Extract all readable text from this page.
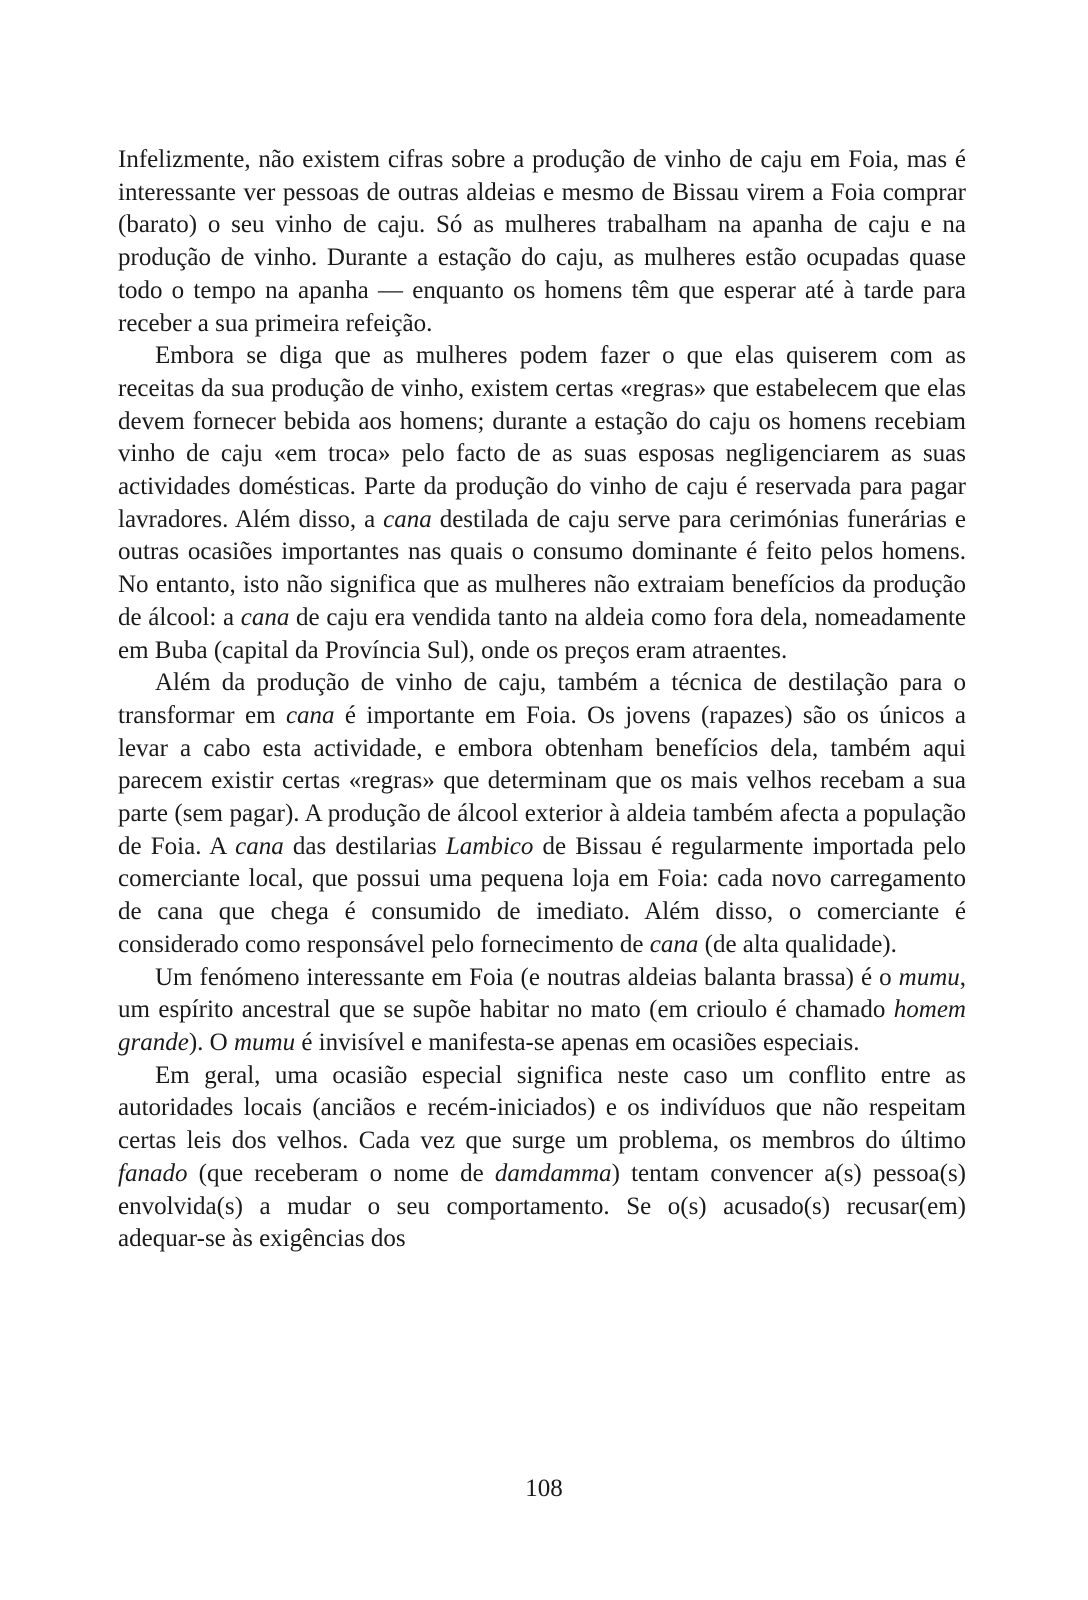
Infelizmente, não existem cifras sobre a produção de vinho de caju em Foia, mas é interessante ver pessoas de outras aldeias e mesmo de Bissau virem a Foia comprar (barato) o seu vinho de caju. Só as mulheres trabalham na apanha de caju e na produção de vinho. Durante a estação do caju, as mulheres estão ocupadas quase todo o tempo na apanha — enquanto os homens têm que esperar até à tarde para receber a sua primeira refeição.

Embora se diga que as mulheres podem fazer o que elas quiserem com as receitas da sua produção de vinho, existem certas «regras» que estabelecem que elas devem fornecer bebida aos homens; durante a estação do caju os homens recebiam vinho de caju «em troca» pelo facto de as suas esposas negligenciarem as suas actividades domésticas. Parte da produção do vinho de caju é reservada para pagar lavradores. Além disso, a cana destilada de caju serve para cerimónias funerárias e outras ocasiões importantes nas quais o consumo dominante é feito pelos homens. No entanto, isto não significa que as mulheres não extraiam benefícios da produção de álcool: a cana de caju era vendida tanto na aldeia como fora dela, nomeadamente em Buba (capital da Província Sul), onde os preços eram atraentes.

Além da produção de vinho de caju, também a técnica de destilação para o transformar em cana é importante em Foia. Os jovens (rapazes) são os únicos a levar a cabo esta actividade, e embora obtenham benefícios dela, também aqui parecem existir certas «regras» que determinam que os mais velhos recebam a sua parte (sem pagar). A produção de álcool exterior à aldeia também afecta a população de Foia. A cana das destilarias Lambico de Bissau é regularmente importada pelo comerciante local, que possui uma pequena loja em Foia: cada novo carregamento de cana que chega é consumido de imediato. Além disso, o comerciante é considerado como responsável pelo fornecimento de cana (de alta qualidade).

Um fenómeno interessante em Foia (e noutras aldeias balanta brassa) é o mumu, um espírito ancestral que se supõe habitar no mato (em crioulo é chamado homem grande). O mumu é invisível e manifesta-se apenas em ocasiões especiais.

Em geral, uma ocasião especial significa neste caso um conflito entre as autoridades locais (anciãos e recém-iniciados) e os indivíduos que não respeitam certas leis dos velhos. Cada vez que surge um problema, os membros do último fanado (que receberam o nome de damdamma) tentam convencer a(s) pessoa(s) envolvida(s) a mudar o seu comportamento. Se o(s) acusado(s) recusar(em) adequar-se às exigências dos

108
